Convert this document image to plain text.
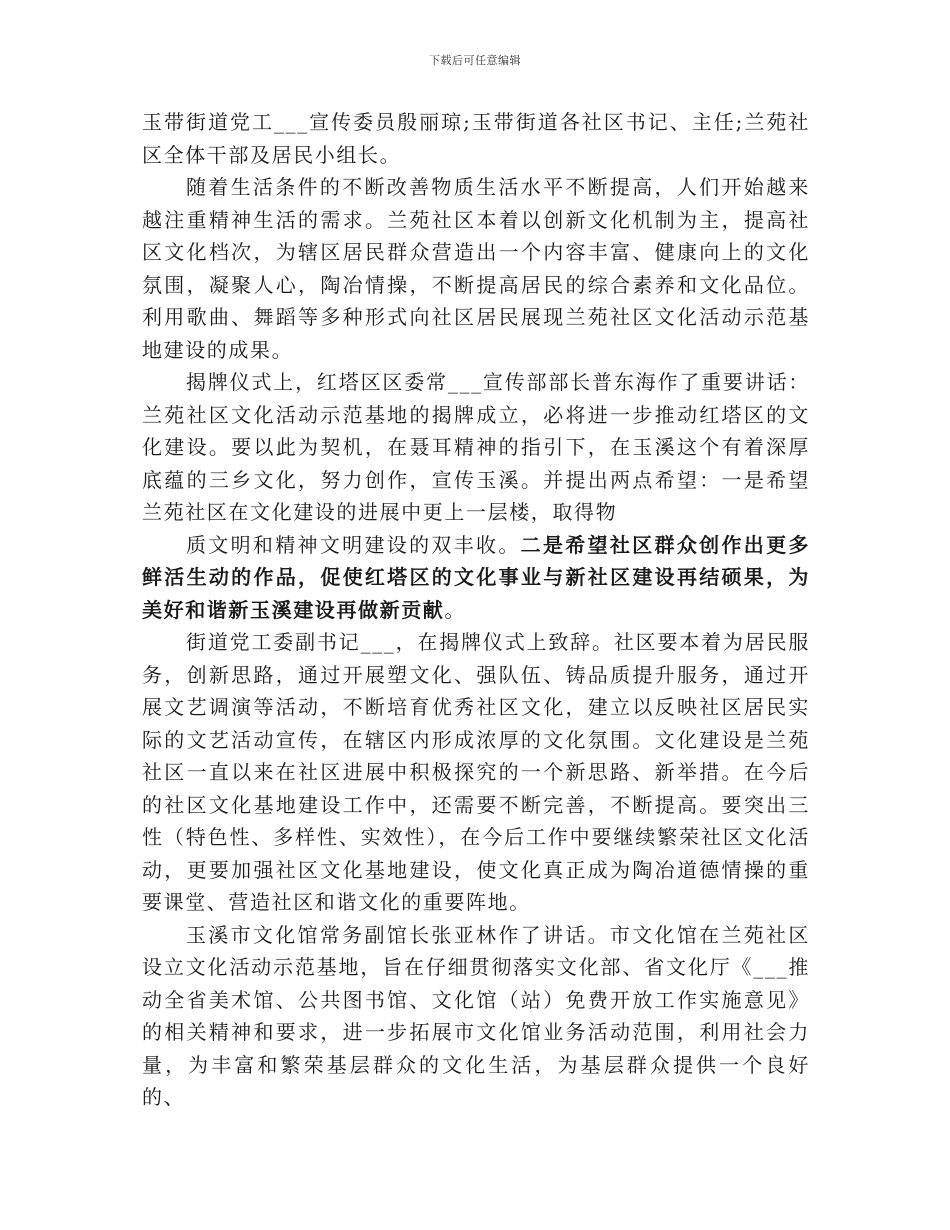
下载后可任意编辑

玉带街道党工___宣传委员殷丽琼;玉带街道各社区书记、主任;兰苑社区全体干部及居民小组长。

随着生活条件的不断改善物质生活水平不断提高，人们开始越来越注重精神生活的需求。兰苑社区本着以创新文化机制为主，提高社区文化档次，为辖区居民群众营造出一个内容丰富、健康向上的文化氛围，凝聚人心，陶冶情操，不断提高居民的综合素养和文化品位。利用歌曲、舞蹈等多种形式向社区居民展现兰苑社区文化活动示范基地建设的成果。

揭牌仪式上，红塔区区委常___宣传部部长普东海作了重要讲话：兰苑社区文化活动示范基地的揭牌成立，必将进一步推动红塔区的文化建设。要以此为契机，在聂耳精神的指引下，在玉溪这个有着深厚底蕴的三乡文化，努力创作，宣传玉溪。并提出两点希望：一是希望兰苑社区在文化建设的进展中更上一层楼，取得物

质文明和精神文明建设的双丰收。二是希望社区群众创作出更多鲜活生动的作品，促使红塔区的文化事业与新社区建设再结硕果，为美好和谐新玉溪建设再做新贡献。

街道党工委副书记___，在揭牌仪式上致辞。社区要本着为居民服务，创新思路，通过开展塑文化、强队伍、铸品质提升服务，通过开展文艺调演等活动，不断培育优秀社区文化，建立以反映社区居民实际的文艺活动宣传，在辖区内形成浓厚的文化氛围。文化建设是兰苑社区一直以来在社区进展中积极探究的一个新思路、新举措。在今后的社区文化基地建设工作中，还需要不断完善，不断提高。要突出三性（特色性、多样性、实效性），在今后工作中要继续繁荣社区文化活动，更要加强社区文化基地建设，使文化真正成为陶冶道德情操的重要课堂、营造社区和谐文化的重要阵地。

玉溪市文化馆常务副馆长张亚林作了讲话。市文化馆在兰苑社区设立文化活动示范基地，旨在仔细贯彻落实文化部、省文化厅《___推动全省美术馆、公共图书馆、文化馆（站）免费开放工作实施意见》的相关精神和要求，进一步拓展市文化馆业务活动范围，利用社会力量，为丰富和繁荣基层群众的文化生活，为基层群众提供一个良好的、
